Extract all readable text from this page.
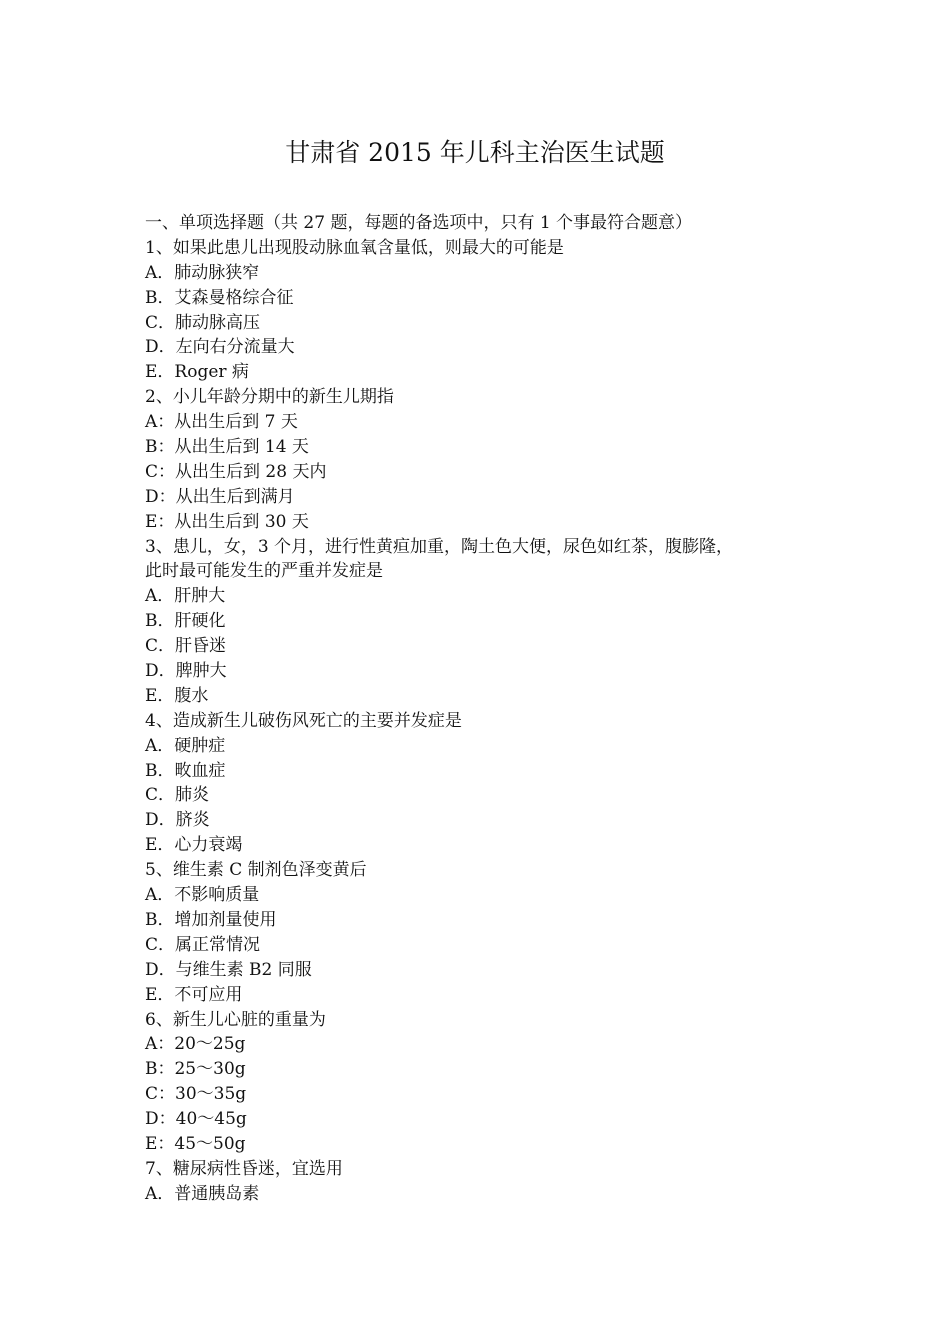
甘肃省 2015 年儿科主治医生试题
一、单项选择题（共 27 题，每题的备选项中，只有 1 个事最符合题意）
1、如果此患儿出现股动脉血氧含量低，则最大的可能是
A．肺动脉狭窄
B．艾森曼格综合征
C．肺动脉高压
D．左向右分流量大
E．Roger 病
2、小儿年龄分期中的新生儿期指
A：从出生后到 7 天
B：从出生后到 14 天
C：从出生后到 28 天内
D：从出生后到满月
E：从出生后到 30 天
3、患儿，女，3 个月，进行性黄疸加重，陶土色大便，尿色如红茶，腹膨隆，
此时最可能发生的严重并发症是
A．肝肿大
B．肝硬化
C．肝昏迷
D．脾肿大
E．腹水
4、造成新生儿破伤风死亡的主要并发症是
A．硬肿症
B．畋血症
C．肺炎
D．脐炎
E．心力衰竭
5、维生素 C 制剂色泽变黄后
A．不影响质量
B．增加剂量使用
C．属正常情况
D．与维生素 B2 同服
E．不可应用
6、新生儿心脏的重量为
A：20～25g
B：25～30g
C：30～35g
D：40～45g
E：45～50g
7、糖尿病性昏迷，宜选用
A．普通胰岛素
